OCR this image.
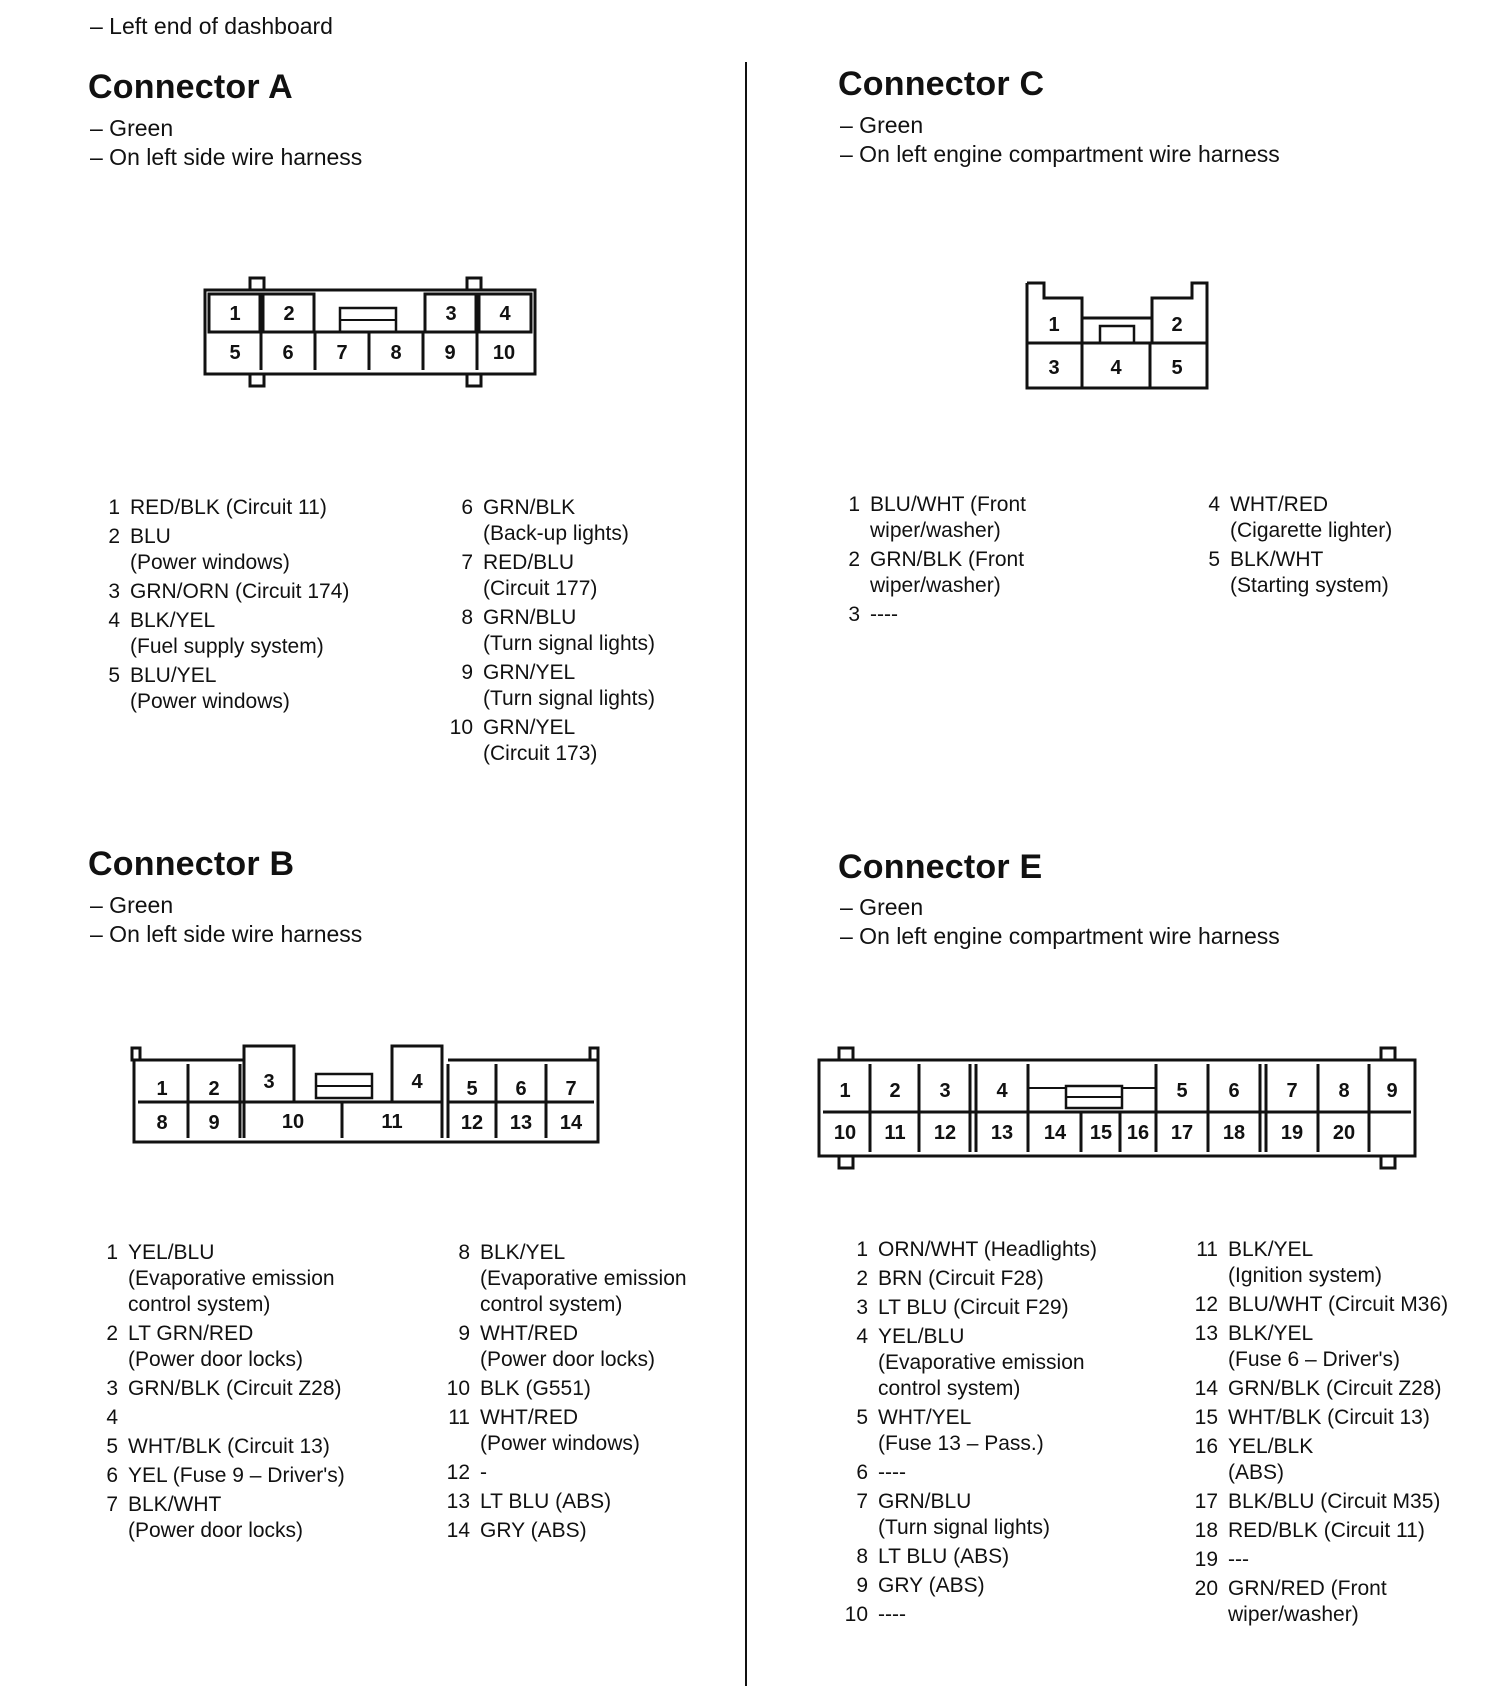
– Left end of dashboard
Connector A
– Green
– On left side wire harness
1 2	3 4
5 6 7 8 9 10
1 RED/BLK (Circuit 11)
2 BLU
(Power windows)
3 GRN/ORN (Circuit 174)
4 BLK/YEL
(Fuel supply system)
5 BLU/YEL
(Power windows)
6 GRN/BLK
(Back-up lights)
7 RED/BLU
(Circuit 177)
8 GRN/BLU
(Turn signal lights)
9 GRN/YEL
(Turn signal lights)
10 GRN/YEL
(Circuit 173)
Connector B
– Green
– On left side wire harness
1 2 3	4 5 6 7
8 9	10	11	12 13 14
1 YEL/BLU
(Evaporative emission
control system)
2 LT GRN/RED
(Power door locks)
3 GRN/BLK (Circuit Z28)
4

5 WHT/BLK (Circuit 13)
6 YEL (Fuse 9 – Driver's)
7 BLK/WHT
(Power door locks)
8 BLK/YEL
(Evaporative emission
control system)
9 WHT/RED
(Power door locks)
10 BLK (G551)
11 WHT/RED
(Power windows)
12 -
13 LT BLU (ABS)
14 GRY (ABS)
Connector C
– Green
– On left engine compartment wire harness
1	2
3	4 5
1 BLU/WHT (Front
wiper/washer)
2 GRN/BLK (Front
wiper/washer)
3 ----
4 WHT/RED
(Cigarette lighter)
5 BLK/WHT
(Starting system)
Connector E
– Green
– On left engine compartment wire harness
1 2 3 4	5 6 7 8 9
10 11 12 13 14 15 16 17 18 19 20
1 ORN/WHT (Headlights)
2 BRN (Circuit F28)
3 LT BLU (Circuit F29)
4 YEL/BLU
(Evaporative emission
control system)
5 WHT/YEL
(Fuse 13 – Pass.)
6 ----
7 GRN/BLU
(Turn signal lights)
8 LT BLU (ABS)
9 GRY (ABS)
10 ----
11 BLK/YEL
(Ignition system)
12 BLU/WHT (Circuit M36)
13 BLK/YEL
(Fuse 6 – Driver's)
14 GRN/BLK (Circuit Z28)
15 WHT/BLK (Circuit 13)
16 YEL/BLK
(ABS)
17 BLK/BLU (Circuit M35)
18 RED/BLK (Circuit 11)
19 ---
20 GRN/RED (Front
wiper/washer)
